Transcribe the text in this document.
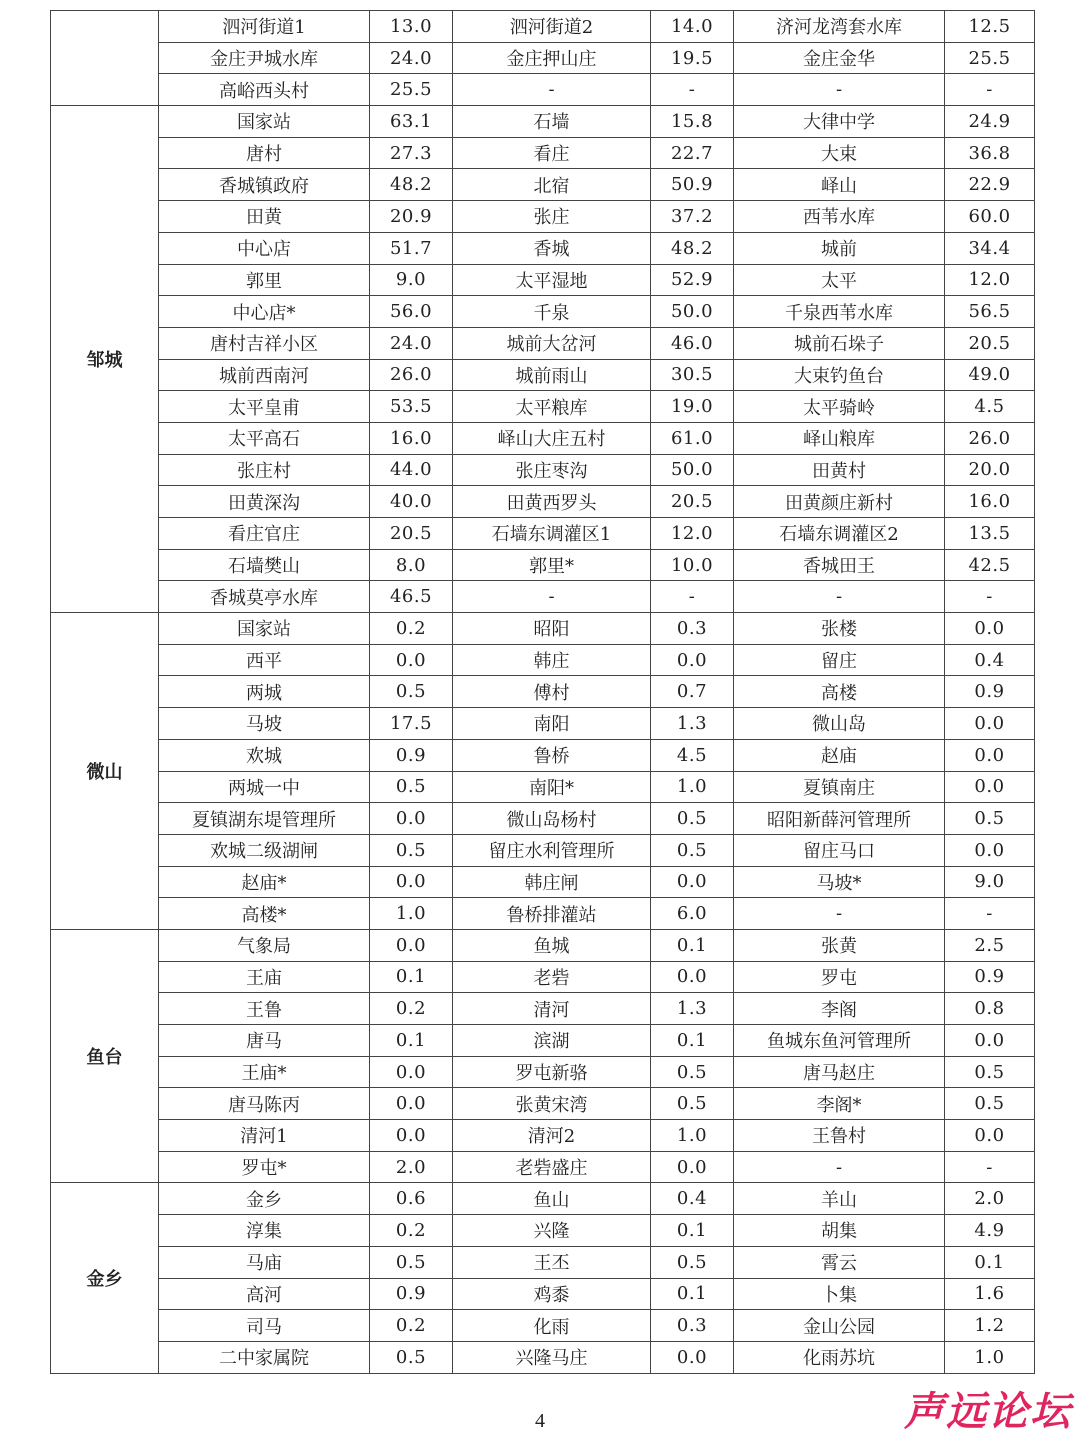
	泗河街道1	13.0	泗河街道2	14.0	济河龙湾套水库	12.5
	金庄尹城水库	24.0	金庄押山庄	19.5	金庄金华	25.5
	高峪西头村	25.5	-	-	-	-
邹城	国家站	63.1	石墙	15.8	大律中学	24.9
	唐村	27.3	看庄	22.7	大束	36.8
	香城镇政府	48.2	北宿	50.9	峄山	22.9
	田黄	20.9	张庄	37.2	西苇水库	60.0
	中心店	51.7	香城	48.2	城前	34.4
	郭里	9.0	太平湿地	52.9	太平	12.0
	中心店*	56.0	千泉	50.0	千泉西苇水库	56.5
	唐村吉祥小区	24.0	城前大岔河	46.0	城前石垛子	20.5
	城前西南河	26.0	城前雨山	30.5	大束钓鱼台	49.0
	太平皇甫	53.5	太平粮库	19.0	太平骑岭	4.5
	太平高石	16.0	峄山大庄五村	61.0	峄山粮库	26.0
	张庄村	44.0	张庄枣沟	50.0	田黄村	20.0
	田黄深沟	40.0	田黄西罗头	20.5	田黄颜庄新村	16.0
	看庄官庄	20.5	石墙东调灌区1	12.0	石墙东调灌区2	13.5
	石墙樊山	8.0	郭里*	10.0	香城田王	42.5
	香城莫亭水库	46.5	-	-	-	-
微山	国家站	0.2	昭阳	0.3	张楼	0.0
	西平	0.0	韩庄	0.0	留庄	0.4
	两城	0.5	傅村	0.7	高楼	0.9
	马坡	17.5	南阳	1.3	微山岛	0.0
	欢城	0.9	鲁桥	4.5	赵庙	0.0
	两城一中	0.5	南阳*	1.0	夏镇南庄	0.0
	夏镇湖东堤管理所	0.0	微山岛杨村	0.5	昭阳新薛河管理所	0.5
	欢城二级湖闸	0.5	留庄水利管理所	0.5	留庄马口	0.0
	赵庙*	0.0	韩庄闸	0.0	马坡*	9.0
	高楼*	1.0	鲁桥排灌站	6.0	-	-
鱼台	气象局	0.0	鱼城	0.1	张黄	2.5
	王庙	0.1	老砦	0.0	罗屯	0.9
	王鲁	0.2	清河	1.3	李阁	0.8
	唐马	0.1	滨湖	0.1	鱼城东鱼河管理所	0.0
	王庙*	0.0	罗屯新骆	0.5	唐马赵庄	0.5
	唐马陈丙	0.0	张黄宋湾	0.5	李阁*	0.5
	清河1	0.0	清河2	1.0	王鲁村	0.0
	罗屯*	2.0	老砦盛庄	0.0	-	-
金乡	金乡	0.6	鱼山	0.4	羊山	2.0
	淳集	0.2	兴隆	0.1	胡集	4.9
	马庙	0.5	王丕	0.5	霄云	0.1
	高河	0.9	鸡黍	0.1	卜集	1.6
	司马	0.2	化雨	0.3	金山公园	1.2
	二中家属院	0.5	兴隆马庄	0.0	化雨苏坑	1.0
4	声远论坛
